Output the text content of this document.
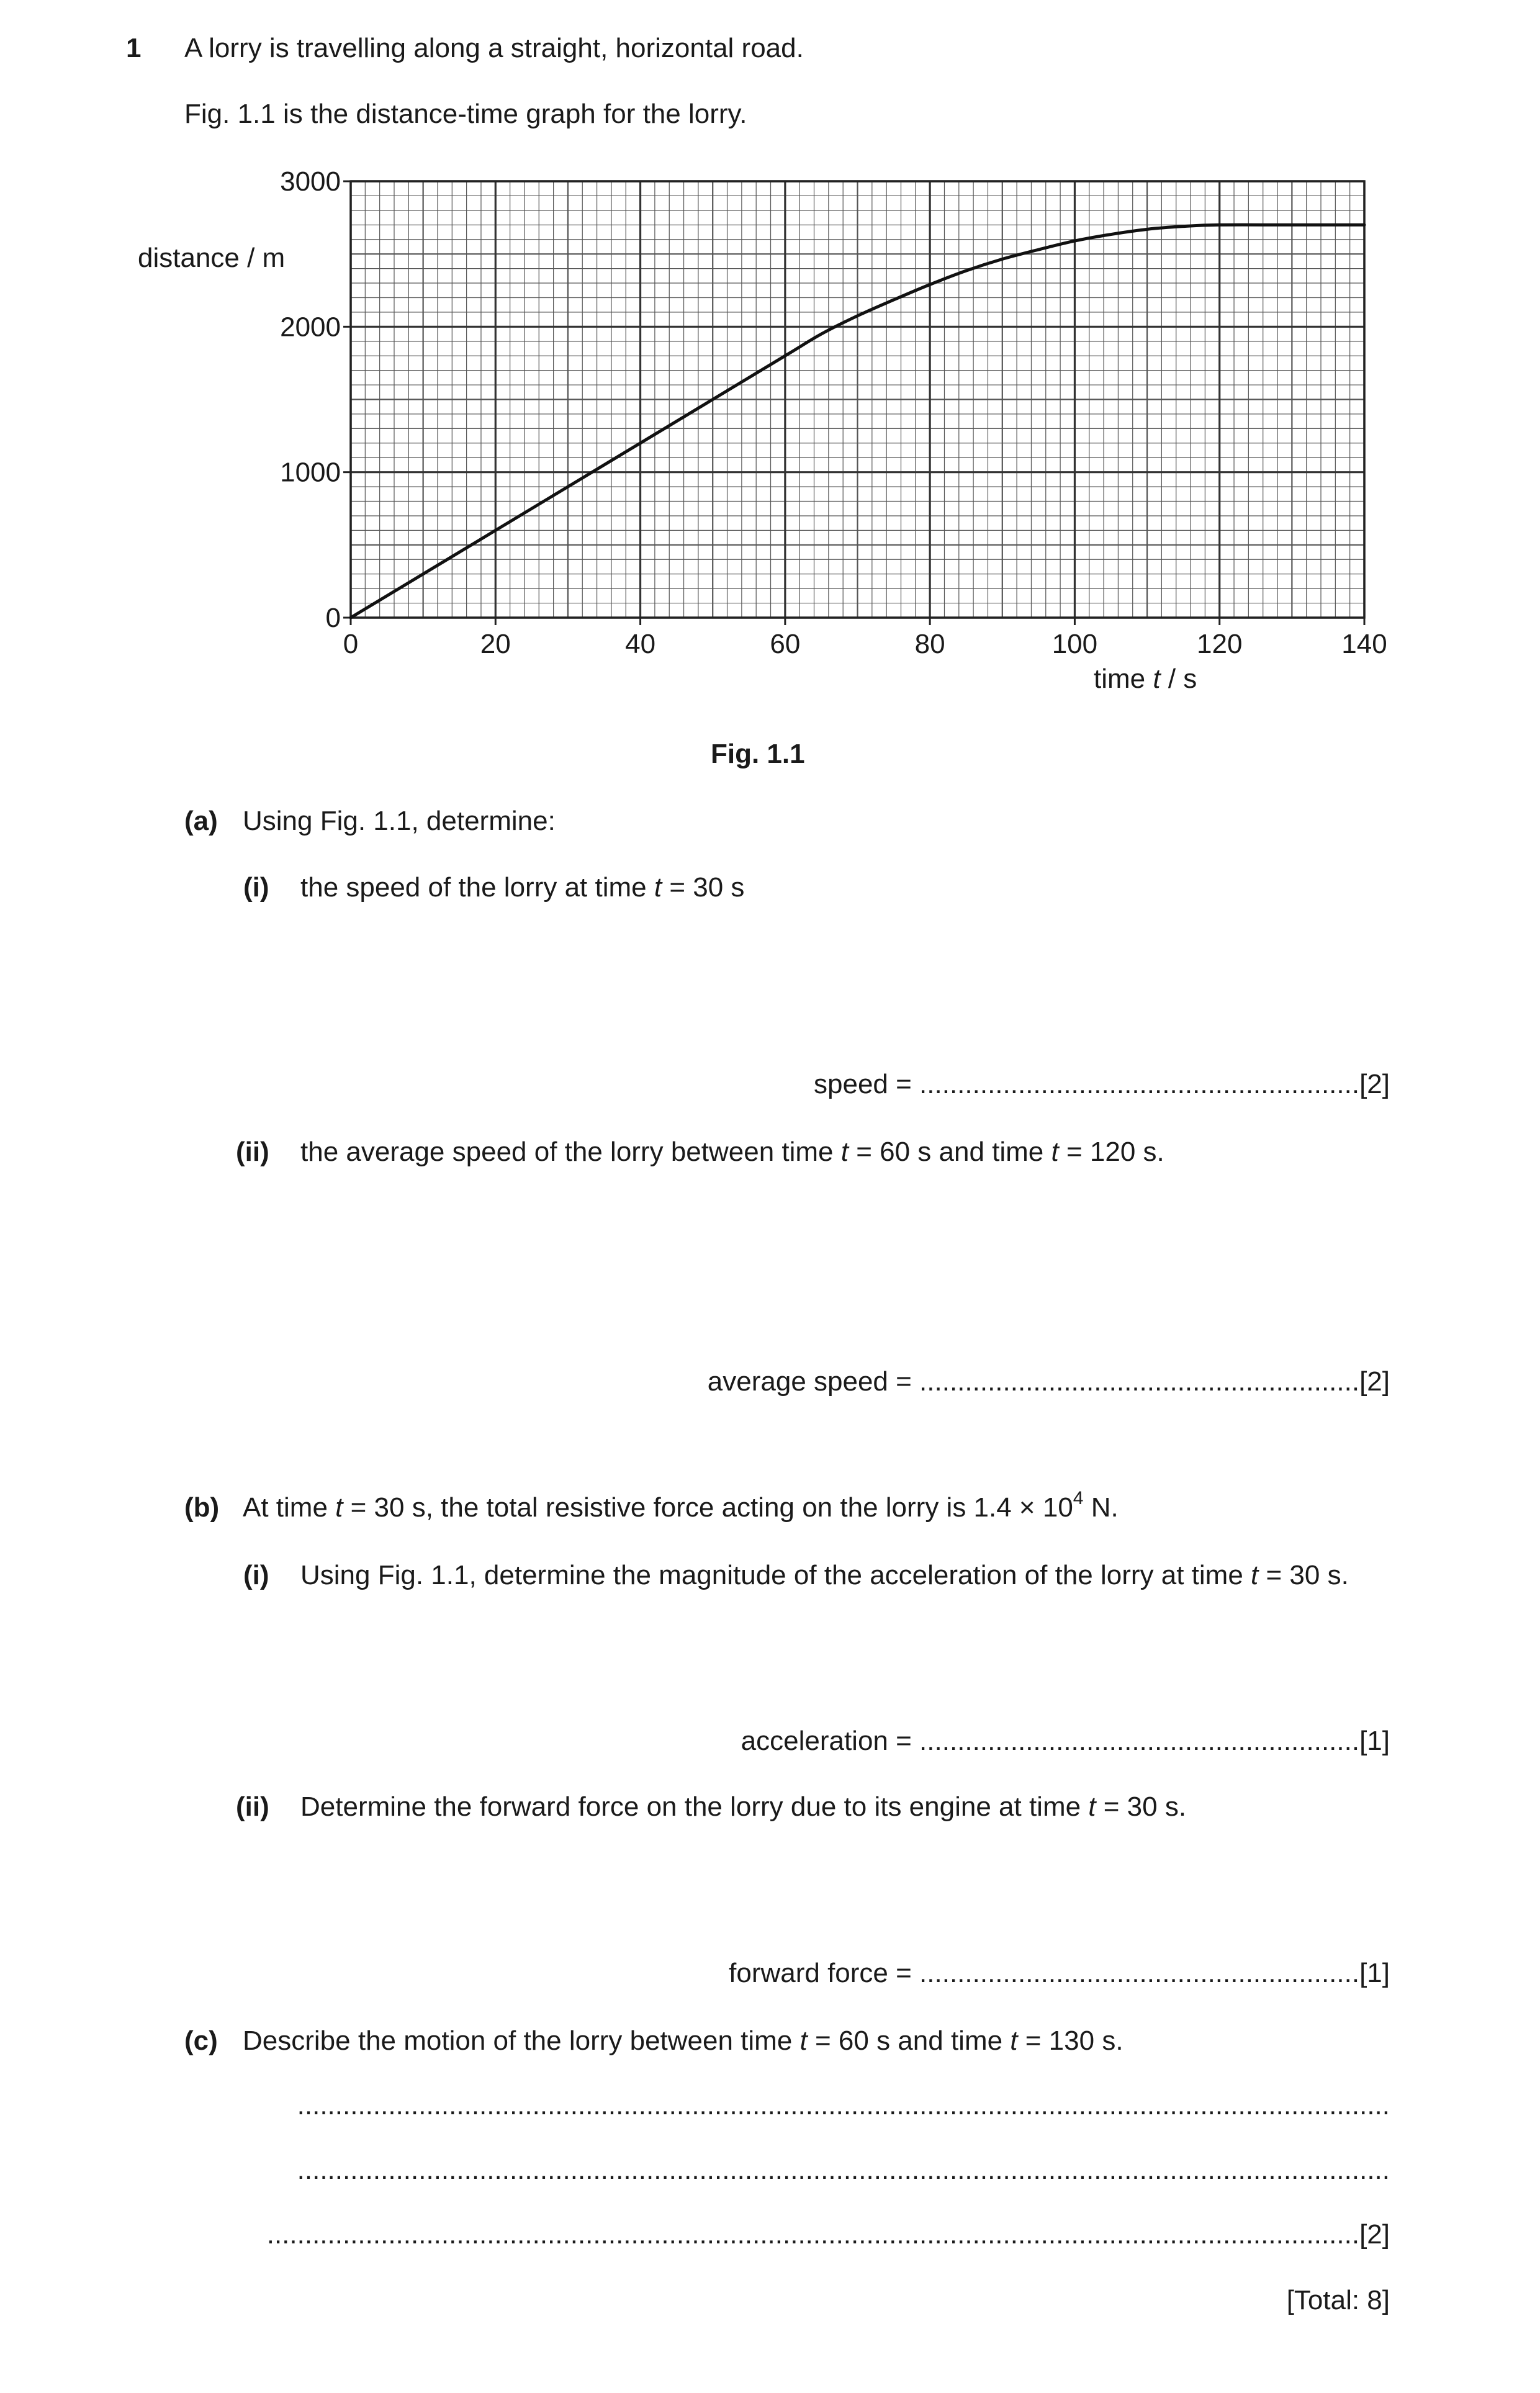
1 A lorry is travelling along a straight, horizontal road.
Fig. 1.1 is the distance-time graph for the lorry.
0	20	40	60	80	100	120	140
0
1000
2000
3000
distance / m
time t / s
Fig. 1.1
(a) Using Fig. 1.1, determine:
(i) the speed of the lorry at time t = 30 s
speed = ..........................................................[2]
(ii) the average speed of the lorry between time t = 60 s and time t = 120 s.
average speed = ..........................................................[2]
(b) At time t = 30 s, the total resistive force acting on the lorry is $1.4 \times 10^4$ N.
(i) Using Fig. 1.1, determine the magnitude of the acceleration of the lorry at time t = 30 s.
acceleration = ..........................................................[1]
(ii) Determine the forward force on the lorry due to its engine at time t = 30 s.
forward force = ..........................................................[1]
(c) Describe the motion of the lorry between time t = 60 s and time t = 130 s.
................................................................................................................................................
................................................................................................................................................
................................................................................................................................................[2]
[Total: 8]
